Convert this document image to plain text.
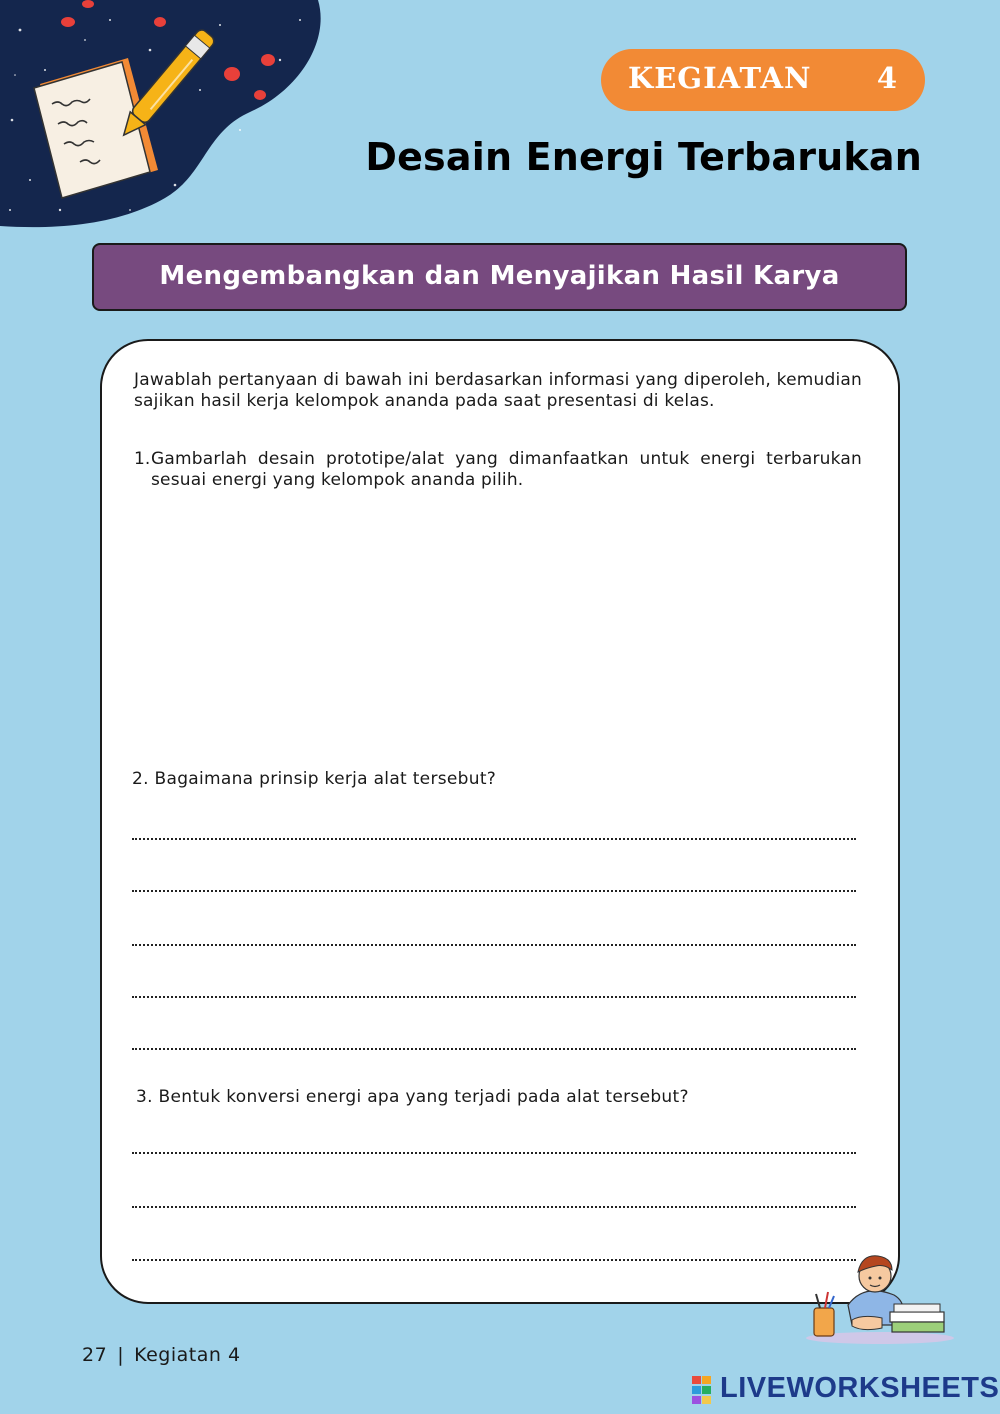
KEGIATAN 4
Desain Energi Terbarukan
Mengembangkan dan Menyajikan Hasil Karya
Jawablah pertanyaan di bawah ini berdasarkan informasi yang diperoleh, kemudian sajikan hasil kerja kelompok ananda pada saat presentasi di kelas.
1. Gambarlah desain prototipe/alat yang dimanfaatkan untuk energi terbarukan sesuai energi yang kelompok ananda pilih.
2. Bagaimana prinsip kerja alat tersebut?
3. Bentuk konversi energi apa yang terjadi pada alat tersebut?
27 | Kegiatan 4
LIVEWORKSHEETS
